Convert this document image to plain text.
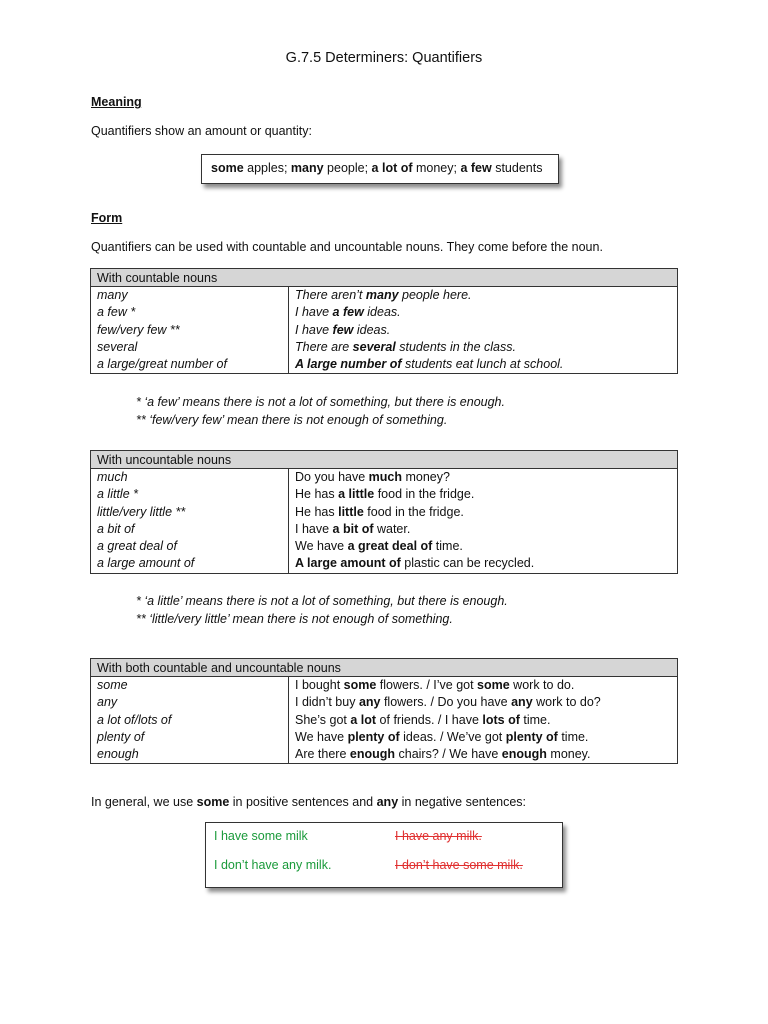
G.7.5 Determiners: Quantifiers
Meaning
Quantifiers show an amount or quantity:
some apples; many people; a lot of money; a few students
Form
Quantifiers can be used with countable and uncountable nouns. They come before the noun.
With countable nouns	
many	There aren’t many people here.
a few *	I have a few ideas.
few/very few **	I have few ideas.
several	There are several students in the class.
a large/great number of	A large number of students eat lunch at school.
* ‘a few’ means there is not a lot of something, but there is enough.
** ‘few/very few’ mean there is not enough of something.
With uncountable nouns	
much	Do you have much money?
a little *	He has a little food in the fridge.
little/very little **	He has little food in the fridge.
a bit of	I have a bit of water.
a great deal of	We have a great deal of time.
a large amount of	A large amount of plastic can be recycled.
* ‘a little’ means there is not a lot of something, but there is enough.
** ‘little/very little’ mean there is not enough of something.
With both countable and uncountable nouns	
some	I bought some flowers. / I’ve got some work to do.
any	I didn’t buy any flowers. / Do you have any work to do?
a lot of/lots of	She’s got a lot of friends. / I have lots of time.
plenty of	We have plenty of ideas. / We’ve got plenty of time.
enough	Are there enough chairs? / We have enough money.
In general, we use some in positive sentences and any in negative sentences:
I have some milk	I have any milk.
I don’t have any milk.	I don’t have some milk.
